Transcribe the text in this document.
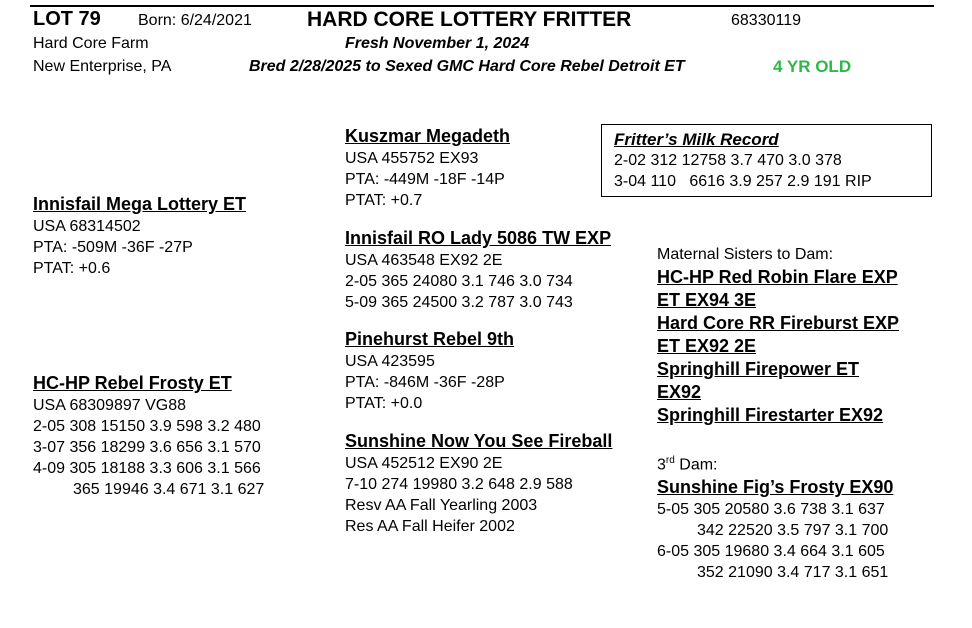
LOT 79 Born: 6/24/2021	HARD CORE LOTTERY FRITTER	68330119
Hard Core Farm	Fresh November 1, 2024
New Enterprise, PA	Bred 2/28/2025 to Sexed GMC Hard Core Rebel Detroit ET	4 YR OLD
Innisfail Mega Lottery ET
USA 68314502
PTA: -509M -36F -27P
PTAT: +0.6
Kuszmar Megadeth
USA 455752 EX93
PTA: -449M -18F -14P
PTAT: +0.7
Innisfail RO Lady 5086 TW EXP
USA 463548 EX92 2E
2-05 365 24080 3.1 746 3.0 734
5-09 365 24500 3.2 787 3.0 743
HC-HP Rebel Frosty ET
USA 68309897 VG88
2-05 308 15150 3.9 598 3.2 480
3-07 356 18299 3.6 656 3.1 570
4-09 305 18188 3.3 606 3.1 566
365 19946 3.4 671 3.1 627
Pinehurst Rebel 9th
USA 423595
PTA: -846M -36F -28P
PTAT: +0.0
Sunshine Now You See Fireball
USA 452512 EX90 2E
7-10 274 19980 3.2 648 2.9 588
Resv AA Fall Yearling 2003
Res AA Fall Heifer 2002
Fritter’s Milk Record
2-02 312 12758 3.7 470 3.0 378
3-04 110   6616 3.9 257 2.9 191 RIP
Maternal Sisters to Dam:
HC-HP Red Robin Flare EXP
ET EX94 3E
Hard Core RR Fireburst EXP
ET EX92 2E
Springhill Firepower ET
EX92
Springhill Firestarter EX92
3rd Dam:
Sunshine Fig’s Frosty EX90
5-05 305 20580 3.6 738 3.1 637
342 22520 3.5 797 3.1 700
6-05 305 19680 3.4 664 3.1 605
352 21090 3.4 717 3.1 651
